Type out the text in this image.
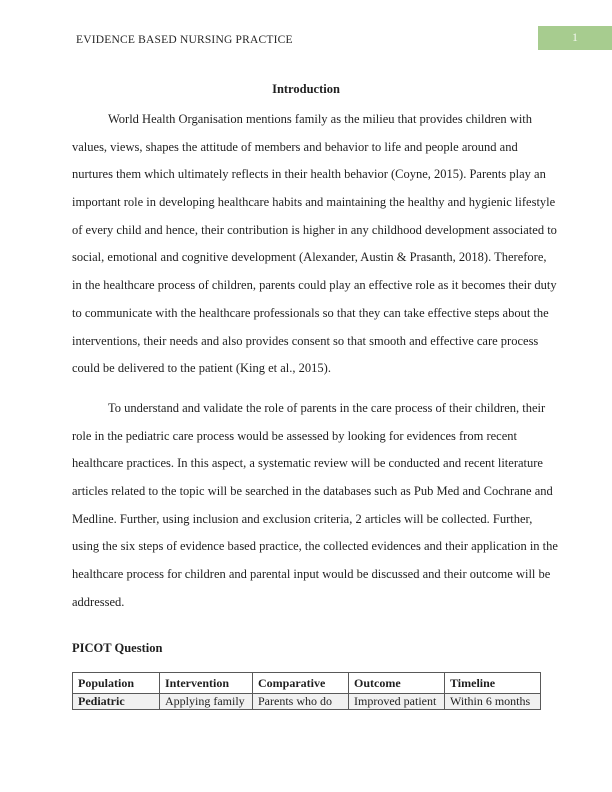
EVIDENCE BASED NURSING PRACTICE	1
Introduction
World Health Organisation mentions family as the milieu that provides children with
values, views, shapes the attitude of members and behavior to life and people around and
nurtures them which ultimately reflects in their health behavior (Coyne, 2015). Parents play an
important role in developing healthcare habits and maintaining the healthy and hygienic lifestyle
of every child and hence, their contribution is higher in any childhood development associated to
social, emotional and cognitive development (Alexander, Austin & Prasanth, 2018). Therefore,
in the healthcare process of children, parents could play an effective role as it becomes their duty
to communicate with the healthcare professionals so that they can take effective steps about the
interventions, their needs and also provides consent so that smooth and effective care process
could be delivered to the patient (King et al., 2015).
To understand and validate the role of parents in the care process of their children, their
role in the pediatric care process would be assessed by looking for evidences from recent
healthcare practices. In this aspect, a systematic review will be conducted and recent literature
articles related to the topic will be searched in the databases such as Pub Med and Cochrane and
Medline. Further, using inclusion and exclusion criteria, 2 articles will be collected. Further,
using the six steps of evidence based practice, the collected evidences and their application in the
healthcare process for children and parental input would be discussed and their outcome will be
addressed.
PICOT Question
Population	Intervention	Comparative	Outcome	Timeline
Pediatric	Applying family	Parents who do	Improved patient	Within 6 months
